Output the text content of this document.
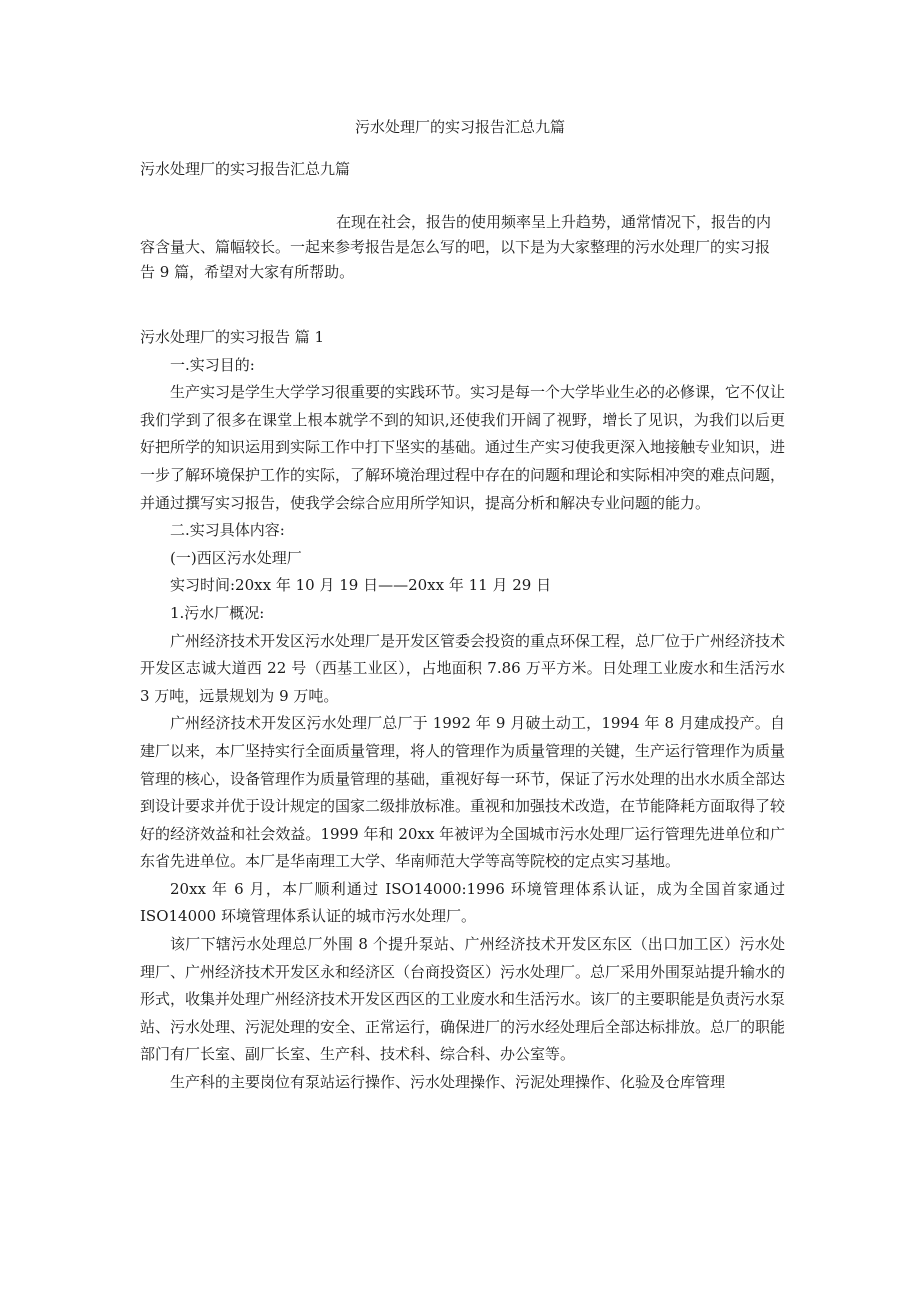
污水处理厂的实习报告汇总九篇
污水处理厂的实习报告汇总九篇
在现在社会，报告的使用频率呈上升趋势，通常情况下，报告的内容含量大、篇幅较长。一起来参考报告是怎么写的吧，以下是为大家整理的污水处理厂的实习报告 9 篇，希望对大家有所帮助。

污水处理厂的实习报告 篇 1

一.实习目的:

生产实习是学生大学学习很重要的实践环节。实习是每一个大学毕业生必的必修课，它不仅让我们学到了很多在课堂上根本就学不到的知识,还使我们开阔了视野，增长了见识，为我们以后更好把所学的知识运用到实际工作中打下坚实的基础。通过生产实习使我更深入地接触专业知识，进一步了解环境保护工作的实际，了解环境治理过程中存在的问题和理论和实际相冲突的难点问题，并通过撰写实习报告，使我学会综合应用所学知识，提高分析和解决专业问题的能力。

二.实习具体内容:

(一)西区污水处理厂

实习时间:20xx 年 10 月 19 日——20xx 年 11 月 29 日

1.污水厂概况:

广州经济技术开发区污水处理厂是开发区管委会投资的重点环保工程，总厂位于广州经济技术开发区志诚大道西 22 号（西基工业区），占地面积 7.86 万平方米。日处理工业废水和生活污水 3 万吨，远景规划为 9 万吨。

广州经济技术开发区污水处理厂总厂于 1992 年 9 月破土动工，1994 年 8 月建成投产。自建厂以来，本厂坚持实行全面质量管理，将人的管理作为质量管理的关键，生产运行管理作为质量管理的核心，设备管理作为质量管理的基础，重视好每一环节，保证了污水处理的出水水质全部达到设计要求并优于设计规定的国家二级排放标准。重视和加强技术改造，在节能降耗方面取得了较好的经济效益和社会效益。1999 年和 20xx 年被评为全国城市污水处理厂运行管理先进单位和广东省先进单位。本厂是华南理工大学、华南师范大学等高等院校的定点实习基地。

20xx 年 6 月，本厂顺利通过 ISO14000:1996 环境管理体系认证，成为全国首家通过 ISO14000 环境管理体系认证的城市污水处理厂。

该厂下辖污水处理总厂外围 8 个提升泵站、广州经济技术开发区东区（出口加工区）污水处理厂、广州经济技术开发区永和经济区（台商投资区）污水处理厂。总厂采用外围泵站提升输水的形式，收集并处理广州经济技术开发区西区的工业废水和生活污水。该厂的主要职能是负责污水泵站、污水处理、污泥处理的安全、正常运行，确保进厂的污水经处理后全部达标排放。总厂的职能部门有厂长室、副厂长室、生产科、技术科、综合科、办公室等。

生产科的主要岗位有泵站运行操作、污水处理操作、污泥处理操作、化验及仓库管理
